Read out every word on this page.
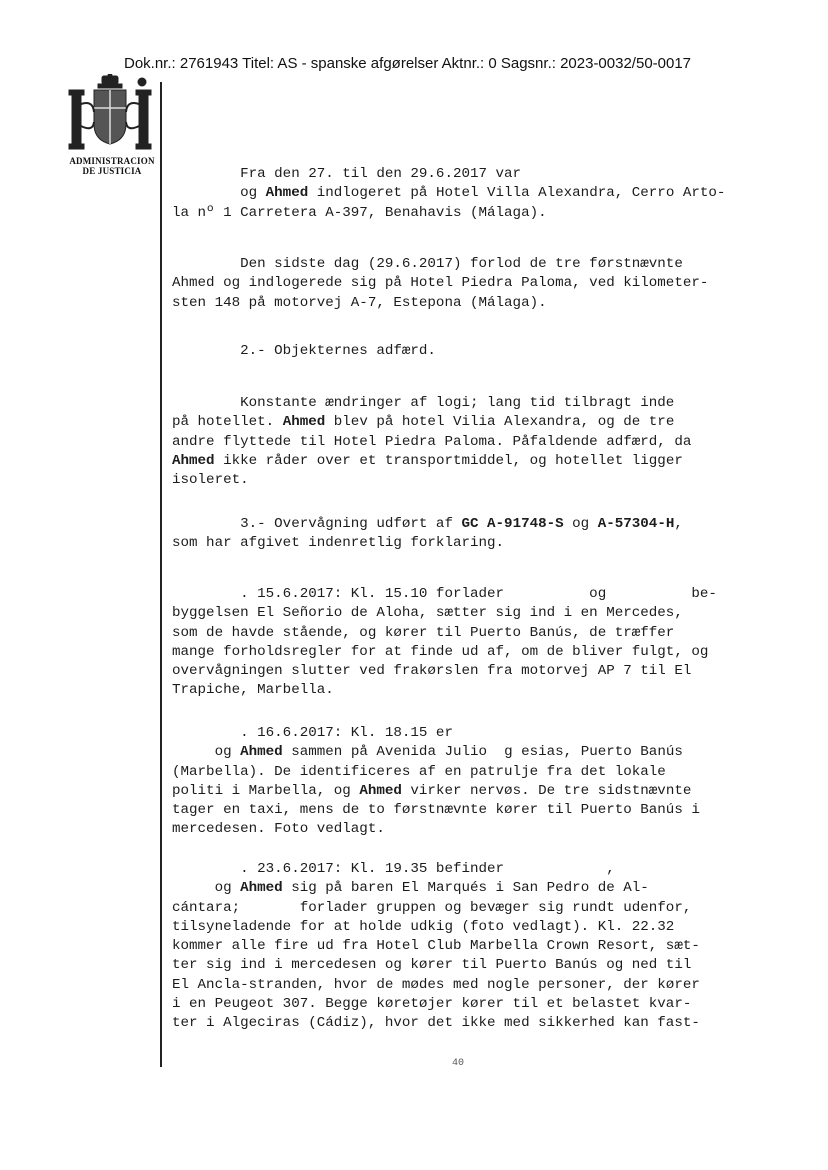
Dok.nr.: 2761943 Titel: AS - spanske afgørelser Aktnr.: 0 Sagsnr.: 2023-0032/50-0017
ADMINISTRACION
DE JUSTICIA	Fra den 27. til den 29.6.2017 var
og Ahmed indlogeret på Hotel Villa Alexandra, Cerro Arto-
la nº 1 Carretera A-397, Benahavis (Málaga).
Den sidste dag (29.6.2017) forlod de tre førstnævnte
Ahmed og indlogerede sig på Hotel Piedra Paloma, ved kilometer-
sten 148 på motorvej A-7, Estepona (Málaga).
2.- Objekternes adfærd.
Konstante ændringer af logi; lang tid tilbragt inde
på hotellet. Ahmed blev på hotel Vilia Alexandra, og de tre
andre flyttede til Hotel Piedra Paloma. Påfaldende adfærd, da
Ahmed ikke råder over et transportmiddel, og hotellet ligger
isoleret.
3.- Overvågning udført af GC A-91748-S og A-57304-H,
som har afgivet indenretlig forklaring.
. 15.6.2017: Kl. 15.10 forlader          og          be-
byggelsen El Señorio de Aloha, sætter sig ind i en Mercedes,
som de havde stående, og kører til Puerto Banús, de træffer
mange forholdsregler for at finde ud af, om de bliver fulgt, og
overvågningen slutter ved frakørslen fra motorvej AP 7 til El
Trapiche, Marbella.
. 16.6.2017: Kl. 18.15 er
og Ahmed sammen på Avenida Julio  g esias, Puerto Banús
(Marbella). De identificeres af en patrulje fra det lokale
politi i Marbella, og Ahmed virker nervøs. De tre sidstnævnte
tager en taxi, mens de to førstnævnte kører til Puerto Banús i
mercedesen. Foto vedlagt.
. 23.6.2017: Kl. 19.35 befinder            ,
og Ahmed sig på baren El Marqués i San Pedro de Al-
cántara;       forlader gruppen og bevæger sig rundt udenfor,
tilsyneladende for at holde udkig (foto vedlagt). Kl. 22.32
kommer alle fire ud fra Hotel Club Marbella Crown Resort, sæt-
ter sig ind i mercedesen og kører til Puerto Banús og ned til
El Ancla-stranden, hvor de mødes med nogle personer, der kører
i en Peugeot 307. Begge køretøjer kører til et belastet kvar-
ter i Algeciras (Cádiz), hvor det ikke med sikkerhed kan fast-
40
